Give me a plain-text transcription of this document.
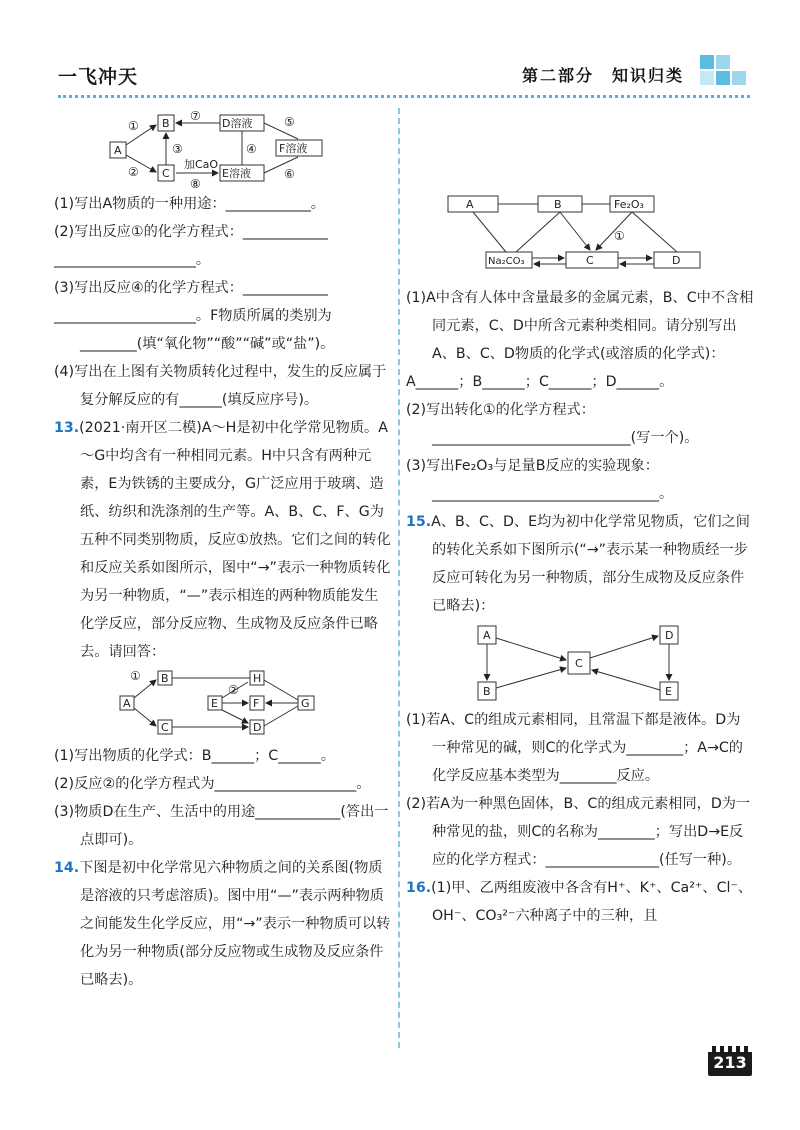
一飞冲天	第二部分　知识归类
①
②
③	④
⑦	⑤
⑥
加CaO
⑧
A
B
C
D溶液
E溶液
F溶液

(1)写出A物质的一种用途：____________。

(2)写出反应①的化学方程式：____________

____________________。

(3)写出反应④的化学方程式：____________

____________________。F物质所属的类别为________(填“氧化物”“酸”“碱”或“盐”)。

(4)写出在上图有关物质转化过程中，发生的反应属于复分解反应的有______(填反应序号)。

13.(2021·南开区二模)A～H是初中化学常见物质。A～G中均含有一种相同元素。H中只含有两种元素，E为铁锈的主要成分，G广泛应用于玻璃、造纸、纺织和洗涤剂的生产等。A、B、C、F、G为五种不同类别物质，反应①放热。它们之间的转化和反应关系如图所示，图中“→”表示一种物质转化为另一种物质，“—”表示相连的两种物质能发生化学反应，部分反应物、生成物及反应条件已略去。请回答：

①
②
A
B
C	D
E	F	G
H

(1)写出物质的化学式：B______；C______。

(2)反应②的化学方程式为____________________。

(3)物质D在生产、生活中的用途____________(答出一点即可)。

14.下图是初中化学常见六种物质之间的关系图(物质是溶液的只考虑溶质)。图中用“—”表示两种物质之间能发生化学反应，用“→”表示一种物质可以转化为另一种物质(部分反应物或生成物及反应条件已略去)。

①
A	B	Fe₂O₃
Na₂CO₃	C	D

(1)A中含有人体中含量最多的金属元素，B、C中不含相同元素，C、D中所含元素种类相同。请分别写出A、B、C、D物质的化学式(或溶质的化学式)：

A______；B______；C______；D______。

(2)写出转化①的化学方程式：____________________________(写一个)。

(3)写出Fe₂O₃与足量B反应的实验现象：________________________________。

15.A、B、C、D、E均为初中化学常见物质，它们之间的转化关系如下图所示(“→”表示某一种物质经一步反应可转化为另一种物质，部分生成物及反应条件已略去)：

A
B
C
D
E

(1)若A、C的组成元素相同，且常温下都是液体。D为一种常见的碱，则C的化学式为________；A→C的化学反应基本类型为________反应。

(2)若A为一种黑色固体，B、C的组成元素相同，D为一种常见的盐，则C的名称为________；写出D→E反应的化学方程式：________________(任写一种)。

16.(1)甲、乙两组废液中各含有H⁺、K⁺、Ca²⁺、Cl⁻、OH⁻、CO₃²⁻六种离子中的三种，且

213
